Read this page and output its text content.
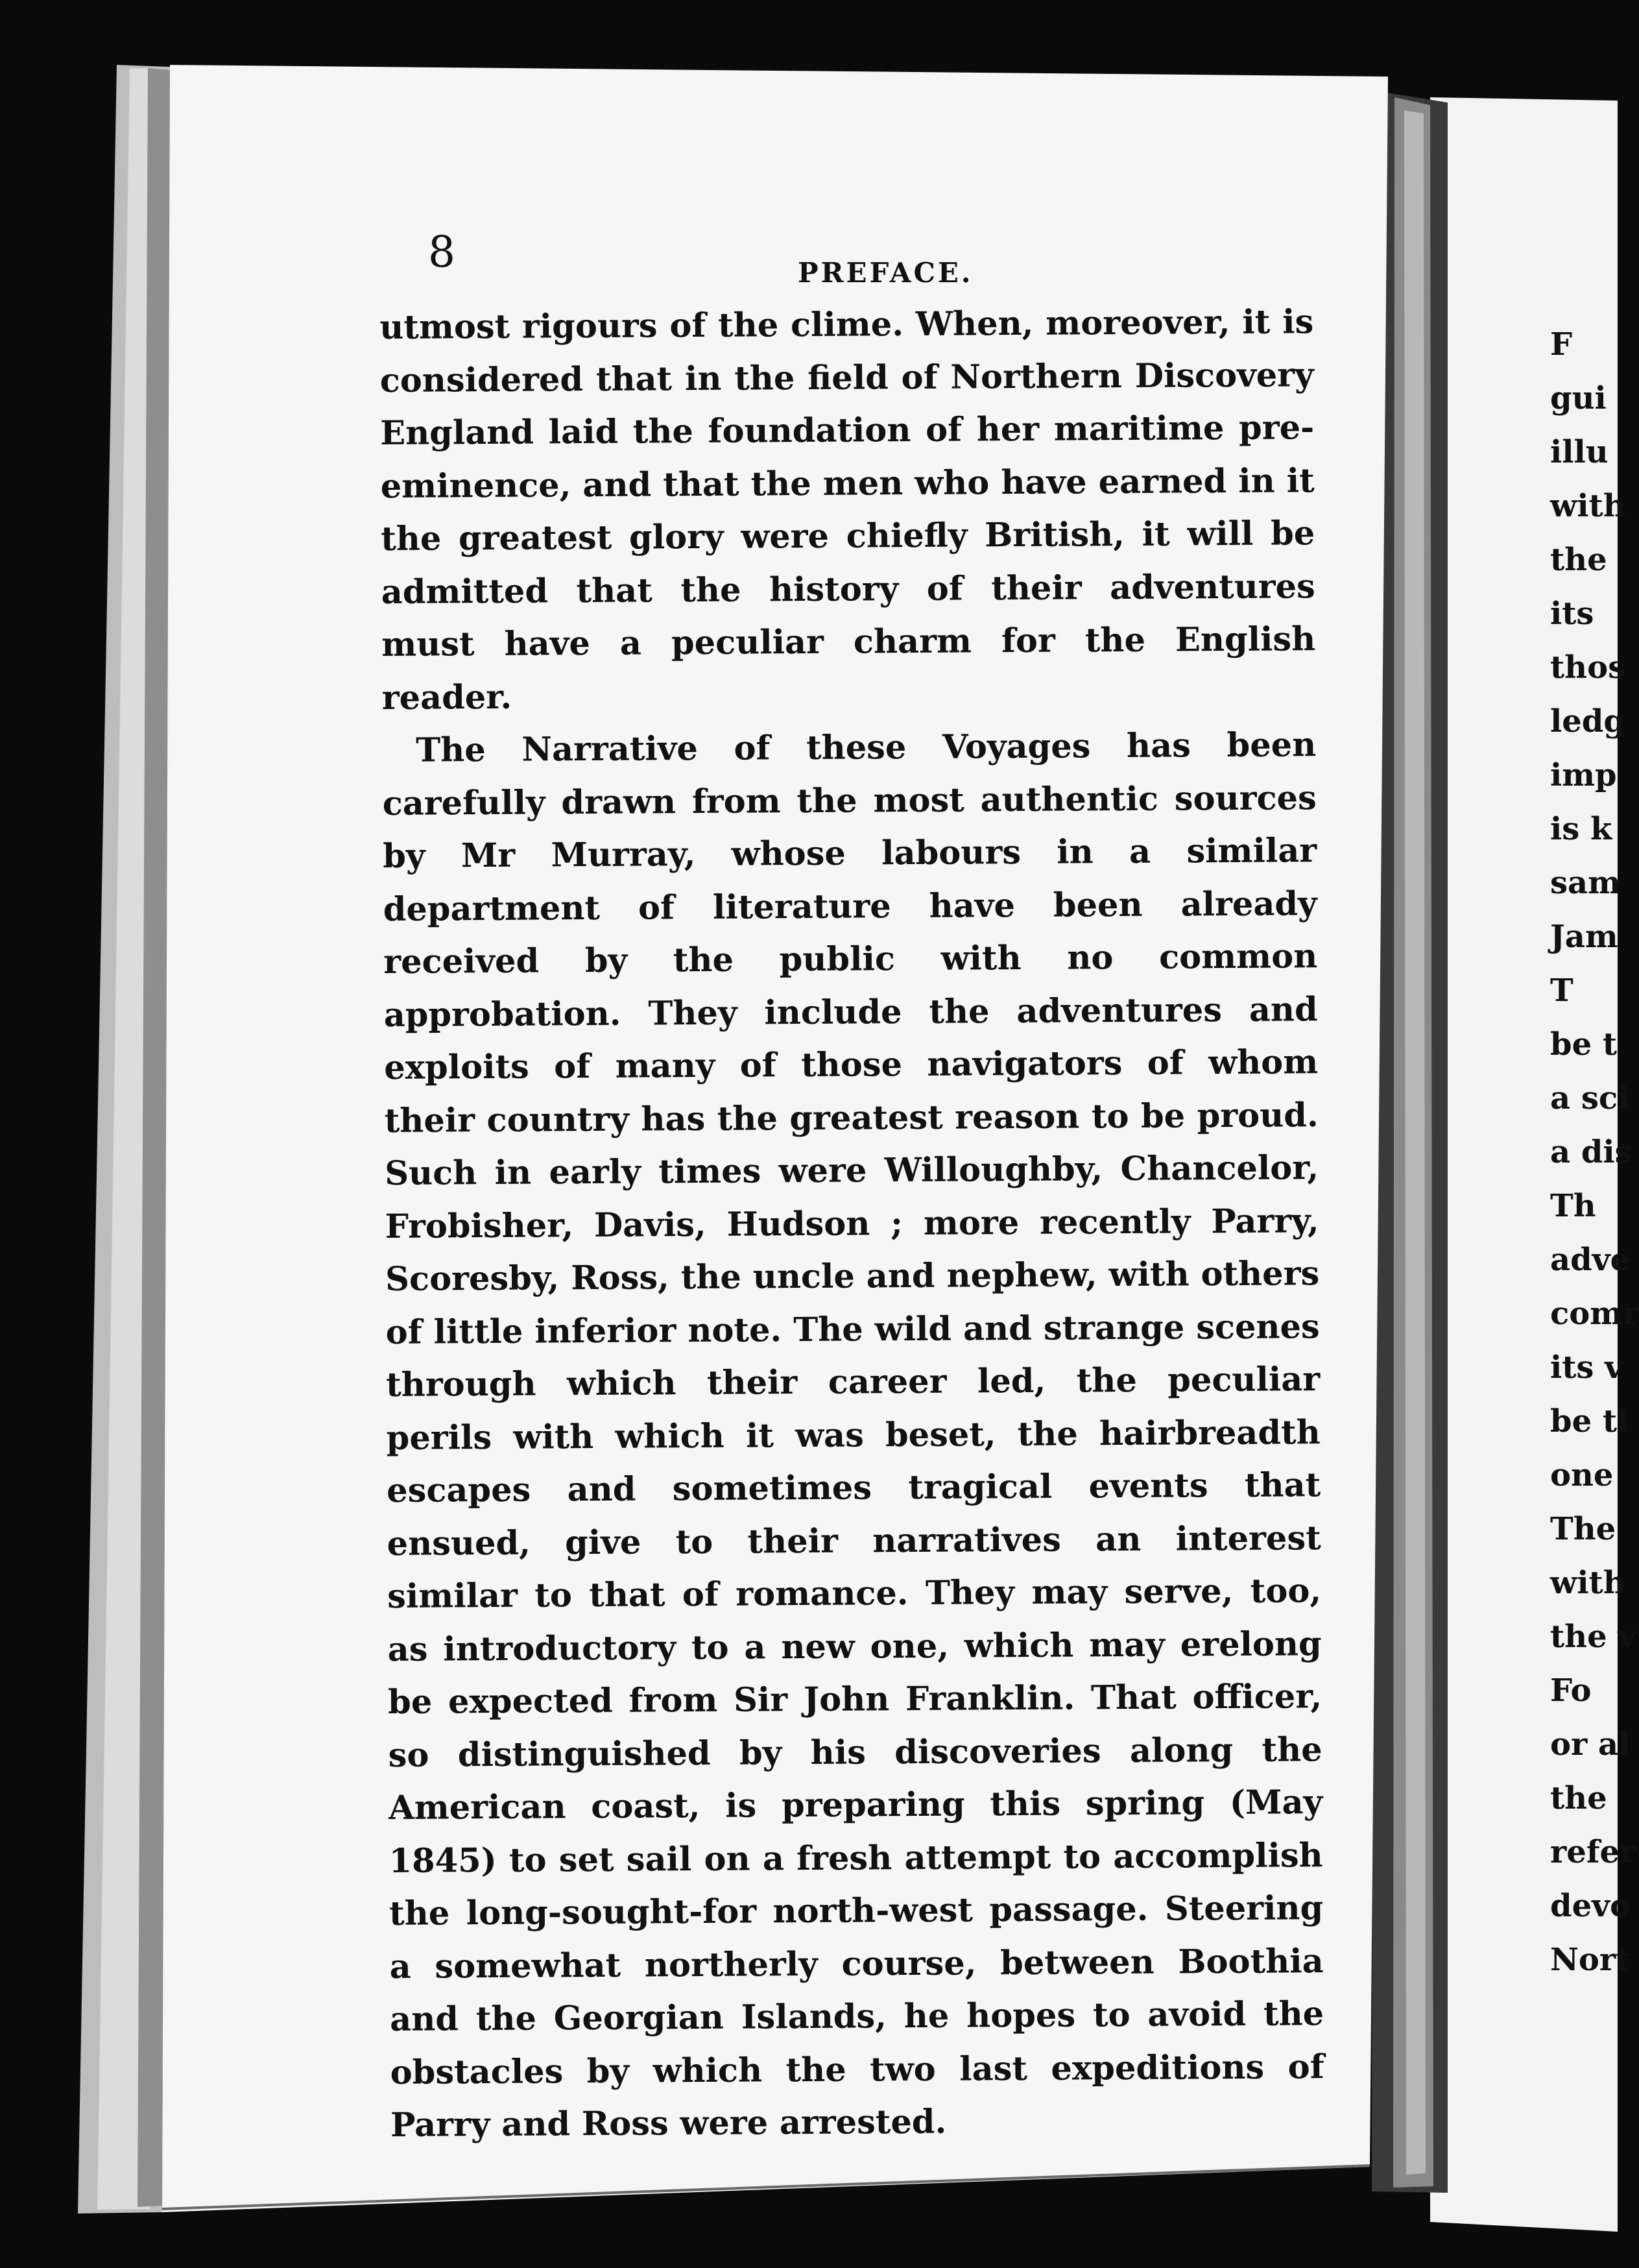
8	PREFACE.

utmost rigours of the clime. When, moreover, it is considered that in the field of Northern Discovery England laid the foundation of her maritime pre-eminence, and that the men who have earned in it the greatest glory were chiefly British, it will be admitted that the history of their adventures must have a peculiar charm for the English reader.

The Narrative of these Voyages has been carefully drawn from the most authentic sources by Mr Murray, whose labours in a similar department of literature have been already received by the public with no common approbation. They include the adventures and exploits of many of those navigators of whom their country has the greatest reason to be proud. Such in early times were Willoughby, Chancelor, Frobisher, Davis, Hudson ; more recently Parry, Scoresby, Ross, the uncle and nephew, with others of little inferior note. The wild and strange scenes through which their career led, the peculiar perils with which it was beset, the hairbreadth escapes and sometimes tragical events that ensued, give to their narratives an interest similar to that of romance. They may serve, too, as introductory to a new one, which may erelong be expected from Sir John Franklin. That officer, so distinguished by his discoveries along the American coast, is preparing this spring (May 1845) to set sail on a fresh attempt to accomplish the long-sought-for north-west passage. Steering a somewhat northerly course, between Boothia and the Georgian Islands, he hopes to avoid the obstacles by which the two last expeditions of Parry and Ross were arrested.

F
gui
illu
with
the
its
thos
ledg
imp
is k
sam
Jam
T
be t
a sci
a dis
Th
adve
comr
its v
be tl
one
The
with
the v
Fo
or al
the
refer
devo
Nort
